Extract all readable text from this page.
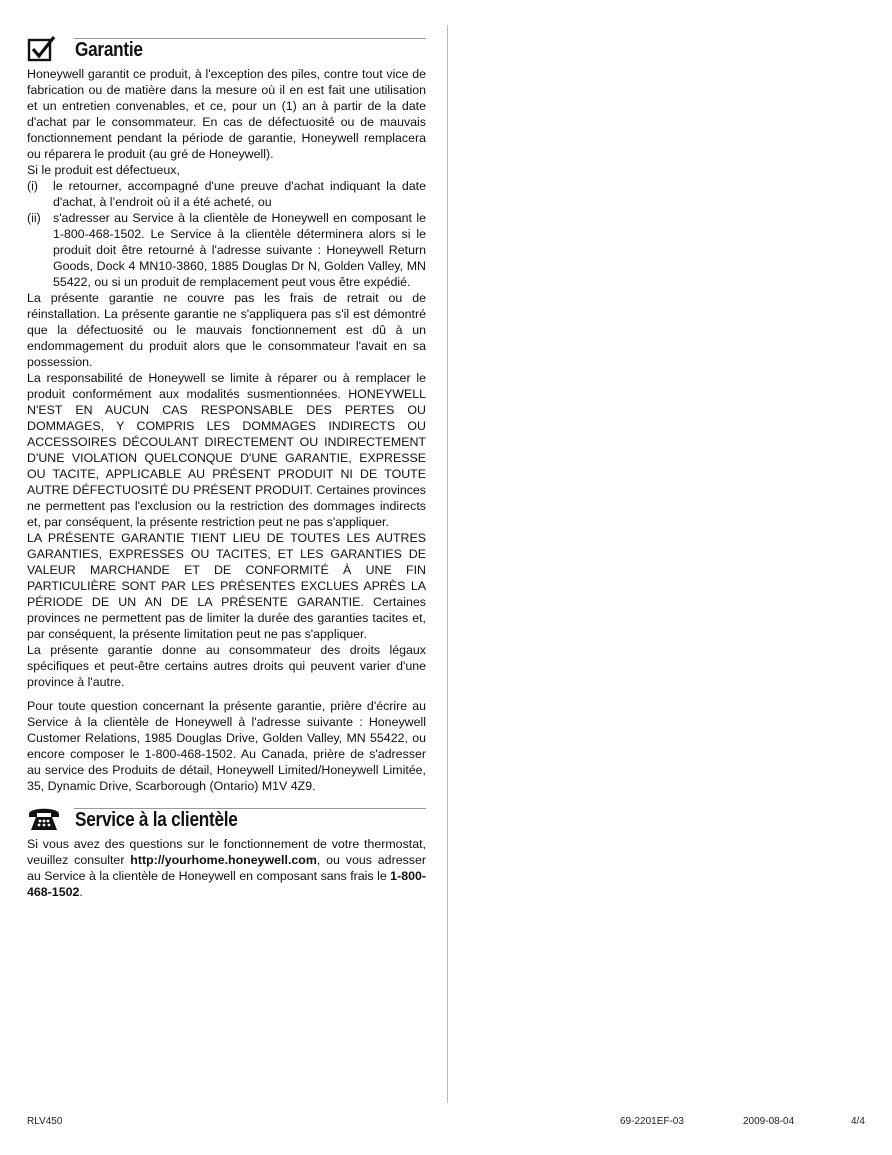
Garantie

Honeywell garantit ce produit, à l'exception des piles, contre tout vice de fabrication ou de matière dans la mesure où il en est fait une utilisation et un entretien convenables, et ce, pour un (1) an à partir de la date d'achat par le consommateur. En cas de défectuosité ou de mauvais fonctionnement pendant la période de garantie, Honeywell remplacera ou réparera le produit (au gré de Honeywell).

Si le produit est défectueux,

(i)	le retourner, accompagné d'une preuve d'achat indiquant la date d'achat, à l’endroit où il a été acheté, ou
(ii) s'adresser au Service à la clientèle de Honeywell en composant le 1-800-468-1502. Le Service à la clientèle déterminera alors si le produit doit être retourné à l'adresse suivante : Honeywell Return Goods, Dock 4 MN10-3860, 1885 Douglas Dr N, Golden Valley, MN 55422, ou si un produit de remplacement peut vous être expédié.

La présente garantie ne couvre pas les frais de retrait ou de réinstallation. La présente garantie ne s'appliquera pas s'il est démontré que la défectuosité ou le mauvais fonctionnement est dû à un endommagement du produit alors que le consommateur l'avait en sa possession.

La responsabilité de Honeywell se limite à réparer ou à remplacer le produit conformément aux modalités susmentionnées. HONEYWELL N'EST EN AUCUN CAS RESPONSABLE DES PERTES OU DOMMAGES, Y COMPRIS LES DOMMAGES INDIRECTS OU ACCESSOIRES DÉCOULANT DIRECTEMENT OU INDIRECTEMENT D'UNE VIOLATION QUELCONQUE D'UNE GARANTIE, EXPRESSE OU TACITE, APPLICABLE AU PRÉSENT PRODUIT NI DE TOUTE AUTRE DÉFECTUOSITÉ DU PRÉSENT PRODUIT. Certaines provinces ne permettent pas l'exclusion ou la restriction des dommages indirects et, par conséquent, la présente restriction peut ne pas s'appliquer.

LA PRÉSENTE GARANTIE TIENT LIEU DE TOUTES LES AUTRES GARANTIES, EXPRESSES OU TACITES, ET LES GARANTIES DE VALEUR MARCHANDE ET DE CONFORMITÉ À UNE FIN PARTICULIÈRE SONT PAR LES PRÉSENTES EXCLUES APRÈS LA PÉRIODE DE UN AN DE LA PRÉSENTE GARANTIE. Certaines provinces ne permettent pas de limiter la durée des garanties tacites et, par conséquent, la présente limitation peut ne pas s'appliquer.

La présente garantie donne au consommateur des droits légaux spécifiques et peut-être certains autres droits qui peuvent varier d'une province à l'autre.

Pour toute question concernant la présente garantie, prière d'écrire au Service à la clientèle de Honeywell à l'adresse suivante : Honeywell Customer Relations, 1985 Douglas Drive, Golden Valley, MN 55422, ou encore composer le 1-800-468-1502. Au Canada, prière de s'adresser au service des Produits de détail, Honeywell Limited/Honeywell Limitée, 35, Dynamic Drive, Scarborough (Ontario) M1V 4Z9.

Service à la clientèle

Si vous avez des questions sur le fonctionnement de votre thermostat, veuillez consulter http://yourhome.honeywell.com, ou vous adresser au Service à la clientèle de Honeywell en composant sans frais le 1-800-468-1502.

RLV450	69-2201EF-03	2009-08-04	4/4
